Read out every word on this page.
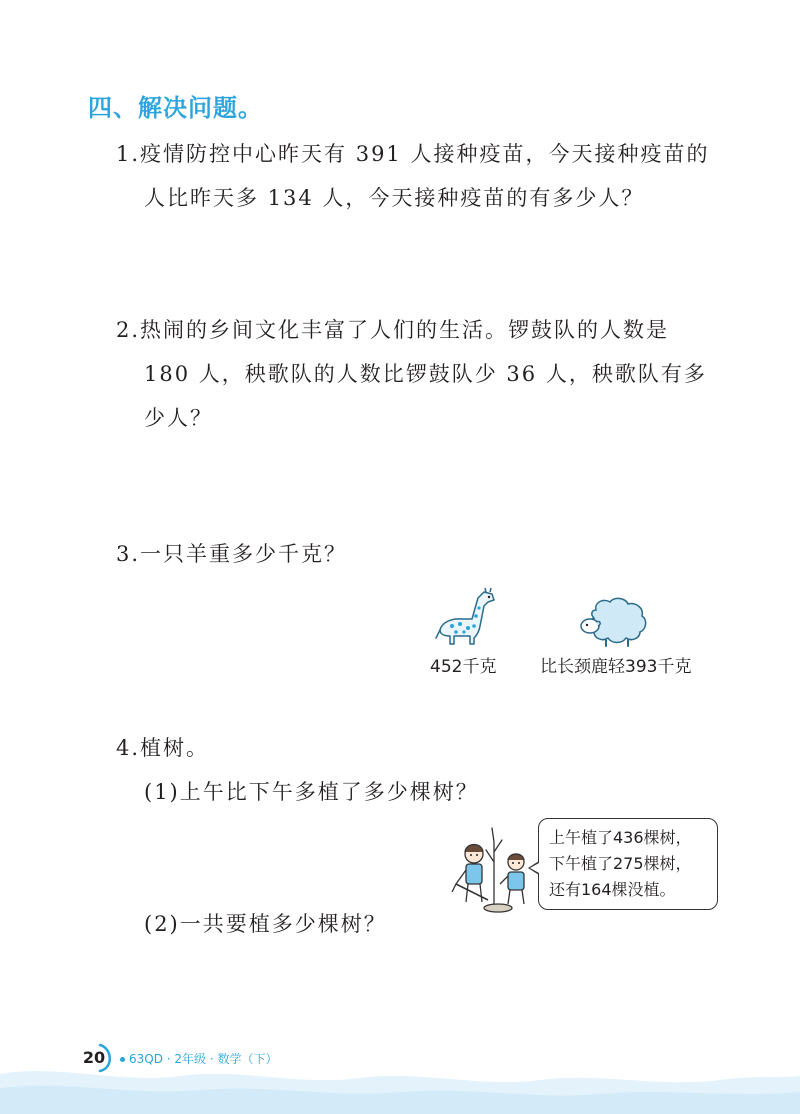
四、解决问题。
1.疫情防控中心昨天有 391 人接种疫苗，今天接种疫苗的
人比昨天多 134 人，今天接种疫苗的有多少人？
2.热闹的乡间文化丰富了人们的生活。锣鼓队的人数是
180 人，秧歌队的人数比锣鼓队少 36 人，秧歌队有多
少人？
3.一只羊重多少千克？
452千克	比长颈鹿轻393千克
4.植树。
(1)上午比下午多植了多少棵树？
(2)一共要植多少棵树？
上午植了436棵树，
下午植了275棵树，
还有164棵没植。
20	63QD · 2年级 · 数学（下）
